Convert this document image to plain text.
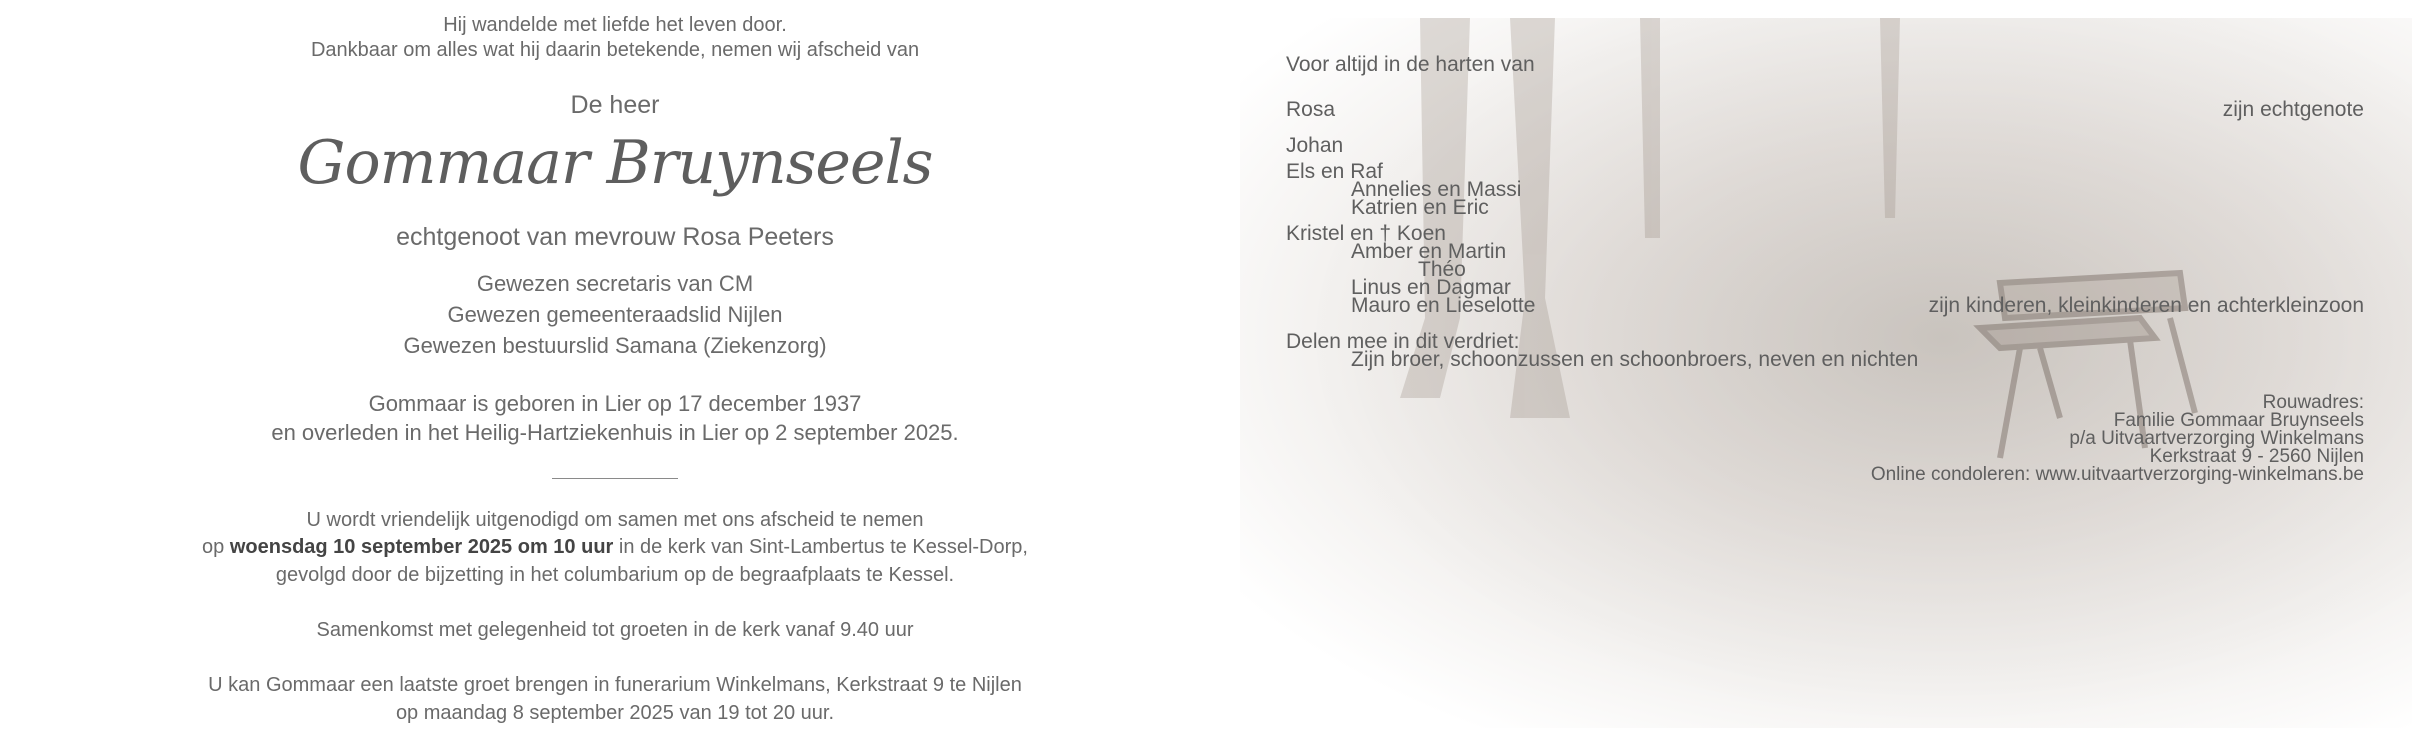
Hij wandelde met liefde het leven door.
Dankbaar om alles wat hij daarin betekende, nemen wij afscheid van
De heer
Gommaar Bruynseels
echtgenoot van mevrouw Rosa Peeters
Gewezen secretaris van CM
Gewezen gemeenteraadslid Nijlen
Gewezen bestuurslid Samana (Ziekenzorg)
Gommaar is geboren in Lier op 17 december 1937
en overleden in het Heilig-Hartziekenhuis in Lier op 2 september 2025.
U wordt vriendelijk uitgenodigd om samen met ons afscheid te nemen
op woensdag 10 september 2025 om 10 uur in de kerk van Sint-Lambertus te Kessel-Dorp,
gevolgd door de bijzetting in het columbarium op de begraafplaats te Kessel.
Samenkomst met gelegenheid tot groeten in de kerk vanaf 9.40 uur
U kan Gommaar een laatste groet brengen in funerarium Winkelmans, Kerkstraat 9 te Nijlen
op maandag 8 september 2025 van 19 tot 20 uur.
Voor altijd in de harten van
Rosa	zijn echtgenote
Johan
Els en Raf
Annelies en Massi
Katrien en Eric
Kristel en † Koen
Amber en Martin
Théo
Linus en Dagmar
Mauro en Lieselotte	zijn kinderen, kleinkinderen en achterkleinzoon
Delen mee in dit verdriet:
Zijn broer, schoonzussen en schoonbroers, neven en nichten
Rouwadres:
Familie Gommaar Bruynseels
p/a Uitvaartverzorging Winkelmans
Kerkstraat 9 - 2560 Nijlen
Online condoleren: www.uitvaartverzorging-winkelmans.be
